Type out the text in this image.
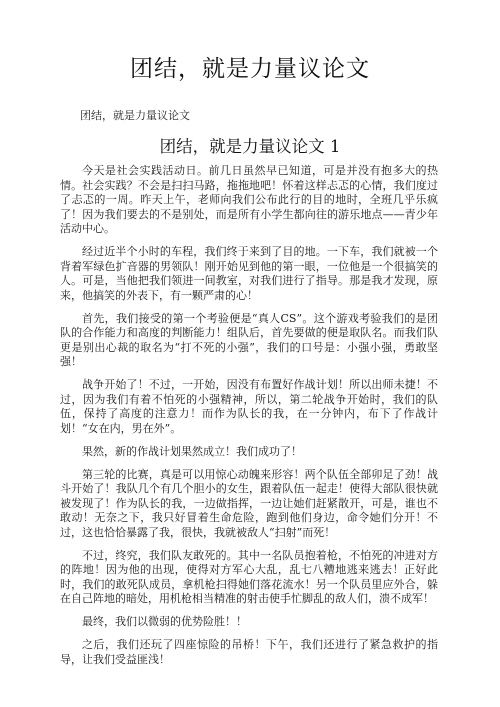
团结，就是力量议论文
团结，就是力量议论文
团结，就是力量议论文 1

今天是社会实践活动日。前几日虽然早已知道，可是并没有抱多大的热情。社会实践？不会是扫扫马路，拖拖地吧！怀着这样忐忑的心情，我们度过了忐忑的一周。昨天上午，老师向我们公布此行的目的地时，全班几乎乐疯了！因为我们要去的不是别处，而是所有小学生都向往的游乐地点——青少年活动中心。

经过近半个小时的车程，我们终于来到了目的地。一下车，我们就被一个背着军绿色扩音器的男领队！刚开始见到他的第一眼，一位他是一个很搞笑的人。可是，当他把我们领进一间教室，对我们进行了指导。那是我才发现，原来，他搞笑的外表下，有一颗严肃的心！

首先，我们接受的第一个考验便是“真人CS”。这个游戏考验我们的是团队的合作能力和高度的判断能力！组队后，首先要做的便是取队名。而我们队更是别出心裁的取名为“打不死的小强”，我们的口号是：小强小强，勇敢坚强！

战争开始了！不过，一开始，因没有布置好作战计划！所以出师未捷！不过，因为我们有着不怕死的小强精神，所以，第二轮战争开始时，我们的队伍，保持了高度的注意力！而作为队长的我，在一分钟内，布下了作战计划！“女在内，男在外”。

果然，新的作战计划果然成立！我们成功了！

第三轮的比赛，真是可以用惊心动魄来形容！两个队伍全部卯足了劲！战斗开始了！我队几个有几个胆小的女生，跟着队伍一起走！使得大部队很快就被发现了！作为队长的我，一边做指挥，一边让她们赶紧散开，可是，谁也不敢动！无奈之下，我只好冒着生命危险，跑到他们身边，命令她们分开！不过，这也恰恰暴露了我，很快，我就被敌人“扫射”而死！

不过，终究，我们队友敢死的。其中一名队员抱着枪，不怕死的冲进对方的阵地！因为他的出现，使得对方军心大乱，乱七八糟地逃来逃去！正好此时，我们的敢死队成员，拿机枪扫得她们落花流水！另一个队员里应外合，躲在自己阵地的暗处，用机枪相当精准的射击使手忙脚乱的敌人们，溃不成军！

最终，我们以微弱的优势险胜！！

之后，我们还玩了四座惊险的吊桥！下午，我们还进行了紧急救护的指导，让我们受益匪浅！
